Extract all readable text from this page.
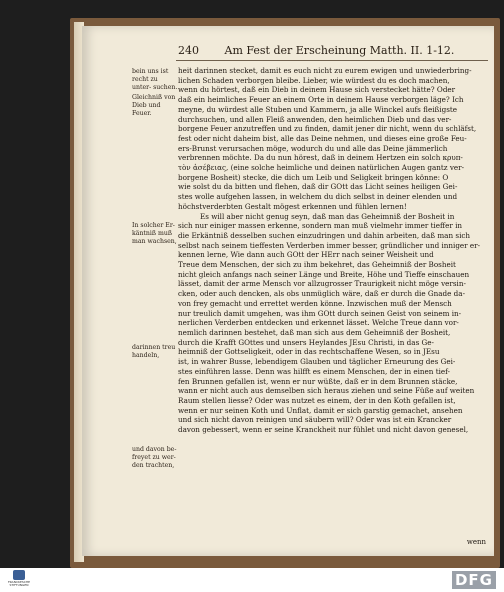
240 Am Fest der Erscheinung Matth. II. 1-12.
bein uns ist recht zu unter- suchen.
Gleichniß von Dieb und Feuer.
In solcher Er- käntniß muß man wachsen,
darinnen treu handeln,
und davon be- freyet zu wer- den trachten,
heit darinnen stecket, damit es euch nicht zu eurem ewigen und unwiederbring-
lichen Schaden verborgen bleibe. Lieber, wie würdest du es doch machen,
wenn du hörtest, daß ein Dieb in deinem Hause sich verstecket hätte? Oder
daß ein heimliches Feuer an einem Orte in deinem Hause verborgen läge? Ich
meyne, du würdest alle Stuben und Kammern, ja alle Winckel aufs fleißigste
durchsuchen, und allen Fleiß anwenden, den heimlichen Dieb und das ver-
borgene Feuer anzutreffen und zu finden, damit jener dir nicht, wenn du schläfst,
fest oder nicht daheim bist, alle das Deine nehmen, und dieses eine große Feu-
ers-Brunst verursachen möge, wodurch du und alle das Deine jämmerlich
verbrennen möchte. Da du nun hörest, daß in deinem Hertzen ein solch κρυπ-
τὸν ἀσέβειας, (eine solche heimliche und deinen natürlichen Augen gantz ver-
borgene Bosheit) stecke, die dich um Leib und Seligkeit bringen könne: O
wie solst du da bitten und flehen, daß dir GOtt das Licht seines heiligen Gei-
stes wolle aufgehen lassen, in welchem du dich selbst in deiner elenden und
höchstverderbten Gestalt mögest erkennen und fühlen lernen!
Es will aber nicht genug seyn, daß man das Geheimniß der Bosheit in
sich nur einiger massen erkenne, sondern man muß vielmehr immer tieffer in
die Erkäntniß desselben suchen einzudringen und dahin arbeiten, daß man sich
selbst nach seinem tieffesten Verderben immer besser, gründlicher und inniger er-
kennen lerne, Wie dann auch GOtt der HErr nach seiner Weisheit und
Treue dem Menschen, der sich zu ihm bekehret, das Geheimniß der Bosheit
nicht gleich anfangs nach seiner Länge und Breite, Höhe und Tieffe einschauen
lässet, damit der arme Mensch vor allzugrosser Traurigkeit nicht möge versin-
cken, oder auch dencken, als obs unmüglich wäre, daß er durch die Gnade da-
von frey gemacht und errettet werden könne. Inzwischen muß der Mensch
nur treulich damit umgehen, was ihm GOtt durch seinen Geist von seinem in-
nerlichen Verderben entdecken und erkennet lässet. Welche Treue dann vor-
nemlich darinnen bestehet, daß man sich aus dem Geheimniß der Bosheit,
durch die Krafft GOttes und unsers Heylandes JEsu Christi, in das Ge-
heimniß der Gottseligkeit, oder in das rechtschaffene Wesen, so in JEsu
ist, in wahrer Busse, lebendigem Glauben und täglicher Erneurung des Gei-
stes einführen lasse. Denn was hilfft es einem Menschen, der in einen tief-
fen Brunnen gefallen ist, wenn er nur wüßte, daß er in dem Brunnen stäcke,
wann er nicht auch aus demselben sich heraus ziehen und seine Füße auf weiten
Raum stellen liesse? Oder was nutzet es einem, der in den Koth gefallen ist,
wenn er nur seinen Koth und Unflat, damit er sich garstig gemachet, ansehen
und sich nicht davon reinigen und säubern will? Oder was ist ein Krancker
davon gebessert, wenn er seine Kranckheit nur fühlet und nicht davon genesel,
wenn
FRANCKESCHE STIFTUNGEN	DFG
